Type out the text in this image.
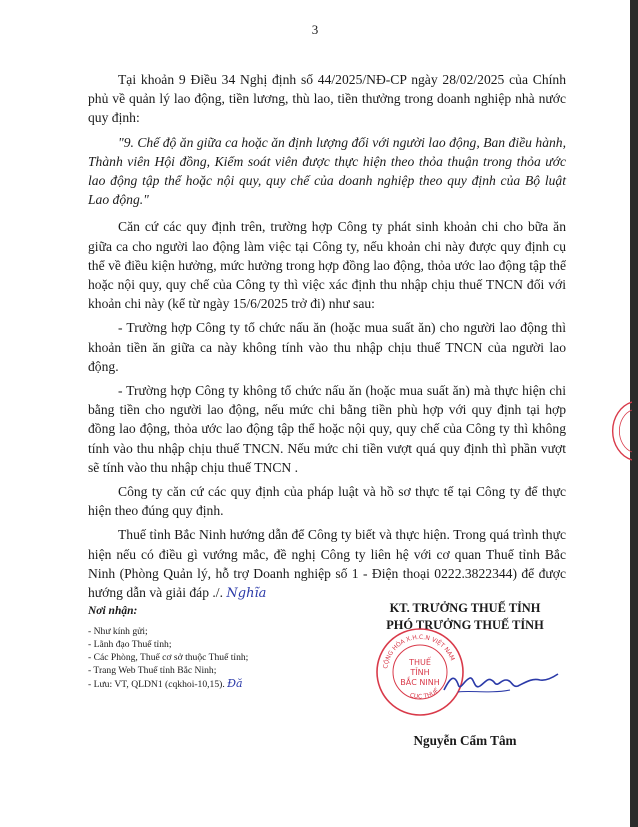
3

Tại khoản 9 Điều 34 Nghị định số 44/2025/NĐ-CP ngày 28/02/2025 của Chính phủ về quản lý lao động, tiền lương, thù lao, tiền thưởng trong doanh nghiệp nhà nước quy định:

"9. Chế độ ăn giữa ca hoặc ăn định lượng đối với người lao động, Ban điều hành, Thành viên Hội đồng, Kiểm soát viên được thực hiện theo thỏa thuận trong thỏa ước lao động tập thể hoặc nội quy, quy chế của doanh nghiệp theo quy định của Bộ luật Lao động."

Căn cứ các quy định trên, trường hợp Công ty phát sinh khoản chi cho bữa ăn giữa ca cho người lao động làm việc tại Công ty, nếu khoản chi này được quy định cụ thể về điều kiện hưởng, mức hưởng trong hợp đồng lao động, thỏa ước lao động tập thể hoặc nội quy, quy chế của Công ty thì việc xác định thu nhập chịu thuế TNCN đối với khoản chi này (kể từ ngày 15/6/2025 trở đi) như sau:

- Trường hợp Công ty tổ chức nấu ăn (hoặc mua suất ăn) cho người lao động thì khoản tiền ăn giữa ca này không tính vào thu nhập chịu thuế TNCN của người lao động.

- Trường hợp Công ty không tổ chức nấu ăn (hoặc mua suất ăn) mà thực hiện chi bằng tiền cho người lao động, nếu mức chi bằng tiền phù hợp với quy định tại hợp đồng lao động, thỏa ước lao động tập thể hoặc nội quy, quy chế của Công ty thì không tính vào thu nhập chịu thuế TNCN. Nếu mức chi tiền vượt quá quy định thì phần vượt sẽ tính vào thu nhập chịu thuế TNCN .

Công ty căn cứ các quy định của pháp luật và hồ sơ thực tế tại Công ty để thực hiện theo đúng quy định.

Thuế tỉnh Bắc Ninh hướng dẫn để Công ty biết và thực hiện. Trong quá trình thực hiện nếu có điều gì vướng mắc, đề nghị Công ty liên hệ với cơ quan Thuế tỉnh Bắc Ninh (Phòng Quản lý, hỗ trợ Doanh nghiệp số 1 - Điện thoại 0222.3822344) để được hướng dẫn và giải đáp ./. Nghĩa

Nơi nhận:
- Như kính gửi;
- Lãnh đạo Thuế tỉnh;
- Các Phòng, Thuế cơ sở thuộc Thuế tỉnh;
- Trang Web Thuế tỉnh Bắc Ninh;
- Lưu: VT, QLDN1 (cqkhoi-10,15). Đă
KT. TRƯỞNG THUẾ TỈNH
PHÓ TRƯỞNG THUẾ TỈNH
Nguyễn Cẩm Tâm
CỘNG HÒA X.H.C.N VIỆT NAM
CỤC THUẾ
THUẾ
TỈNH
BẮC NINH
